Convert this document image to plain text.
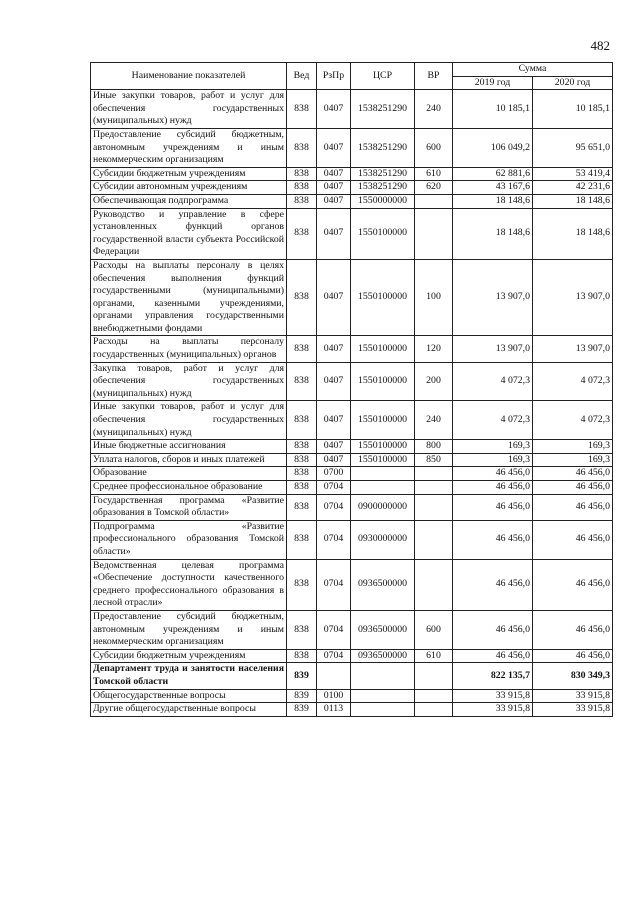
482
Наименование показателей	Вед	РзПр	ЦСР	ВР	Сумма	
					2019 год	2020 год
Иные закупки товаров, работ и услуг для обеспечения государственных (муниципальных) нужд	838	0407	1538251290	240	10 185,1	10 185,1
Предоставление субсидий бюджетным, автономным учреждениям и иным некоммерческим организациям	838	0407	1538251290	600	106 049,2	95 651,0
Субсидии бюджетным учреждениям	838	0407	1538251290	610	62 881,6	53 419,4
Субсидии автономным учреждениям	838	0407	1538251290	620	43 167,6	42 231,6
Обеспечивающая подпрограмма	838	0407	1550000000		18 148,6	18 148,6
Руководство и управление в сфере установленных функций органов государственной власти субъекта Российской Федерации	838	0407	1550100000		18 148,6	18 148,6
Расходы на выплаты персоналу в целях обеспечения выполнения функций государственными (муниципальными) органами, казенными учреждениями, органами управления государственными внебюджетными фондами	838	0407	1550100000	100	13 907,0	13 907,0
Расходы на выплаты персоналу государственных (муниципальных) органов	838	0407	1550100000	120	13 907,0	13 907,0
Закупка товаров, работ и услуг для обеспечения государственных (муниципальных) нужд	838	0407	1550100000	200	4 072,3	4 072,3
Иные закупки товаров, работ и услуг для обеспечения государственных (муниципальных) нужд	838	0407	1550100000	240	4 072,3	4 072,3
Иные бюджетные ассигнования	838	0407	1550100000	800	169,3	169,3
Уплата налогов, сборов и иных платежей	838	0407	1550100000	850	169,3	169,3
Образование	838	0700			46 456,0	46 456,0
Среднее профессиональное образование	838	0704			46 456,0	46 456,0
Государственная программа «Развитие образования в Томской области»	838	0704	0900000000		46 456,0	46 456,0
Подпрограмма «Развитие профессионального образования Томской области»	838	0704	0930000000		46 456,0	46 456,0
Ведомственная целевая программа «Обеспечение доступности качественного среднего профессионального образования в лесной отрасли»	838	0704	0936500000		46 456,0	46 456,0
Предоставление субсидий бюджетным, автономным учреждениям и иным некоммерческим организациям	838	0704	0936500000	600	46 456,0	46 456,0
Субсидии бюджетным учреждениям	838	0704	0936500000	610	46 456,0	46 456,0
Департамент труда и занятости населения Томской области	839				822 135,7	830 349,3
Общегосударственные вопросы	839	0100			33 915,8	33 915,8
Другие общегосударственные вопросы	839	0113			33 915,8	33 915,8
